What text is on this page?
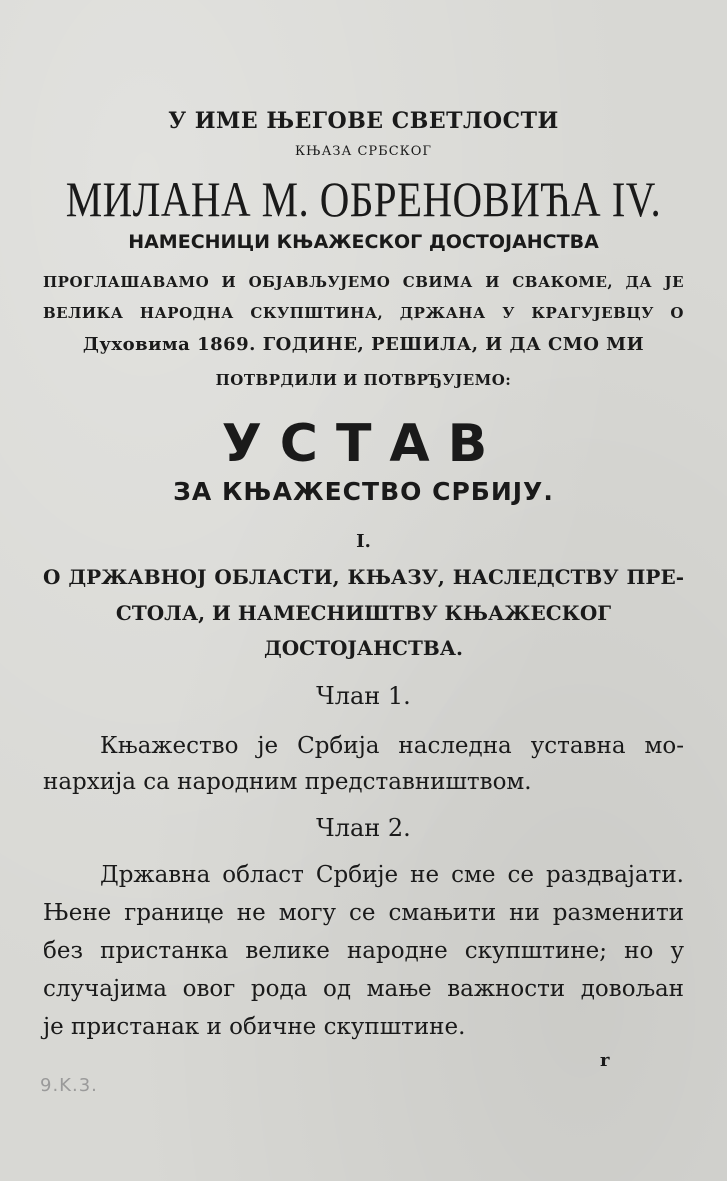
У ИМЕ ЊЕГОВЕ СВЕТЛОСТИ
КЊАЗА СРБСКОГ
МИЛАНА М. ОБРЕНОВИЋА IV.
НАМЕСНИЦИ КЊАЖЕСКОГ ДОСТОЈАНСТВА
ПРОГЛАШАВАМО И ОБЈАВЉУЈЕМО СВИМА И СВАКОМЕ, ДА ЈЕ
ВЕЛИКА НАРОДНА СКУПШТИНА, ДРЖАНА У КРАГУЈЕВЦУ О
Духовима 1869. ГОДИНЕ, РЕШИЛА, И ДА СМО МИ
ПОТВРДИЛИ И ПОТВРЂУЈЕМО:
УСТАВ
ЗА КЊАЖЕСТВО СРБИЈУ.
I.
О ДРЖАВНОЈ ОБЛАСТИ, КЊАЗУ, НАСЛЕДСТВУ ПРЕ-
СТОЛА, И НАМЕСНИШТВУ КЊАЖЕСКОГ
ДОСТОЈАНСТВА.
Члан 1.
Књажество је Србија наследна уставна мо-
нархија са народним представништвом.
Члан 2.
Државна област Србије не сме се раздвајати.
Њене границе не могу се смањити ни разменити
без пристанка велике народне скупштине; но у
случајима овог рода од мање важности довољан
је пристанак и обичне скупштине.
r
9.K.3.
